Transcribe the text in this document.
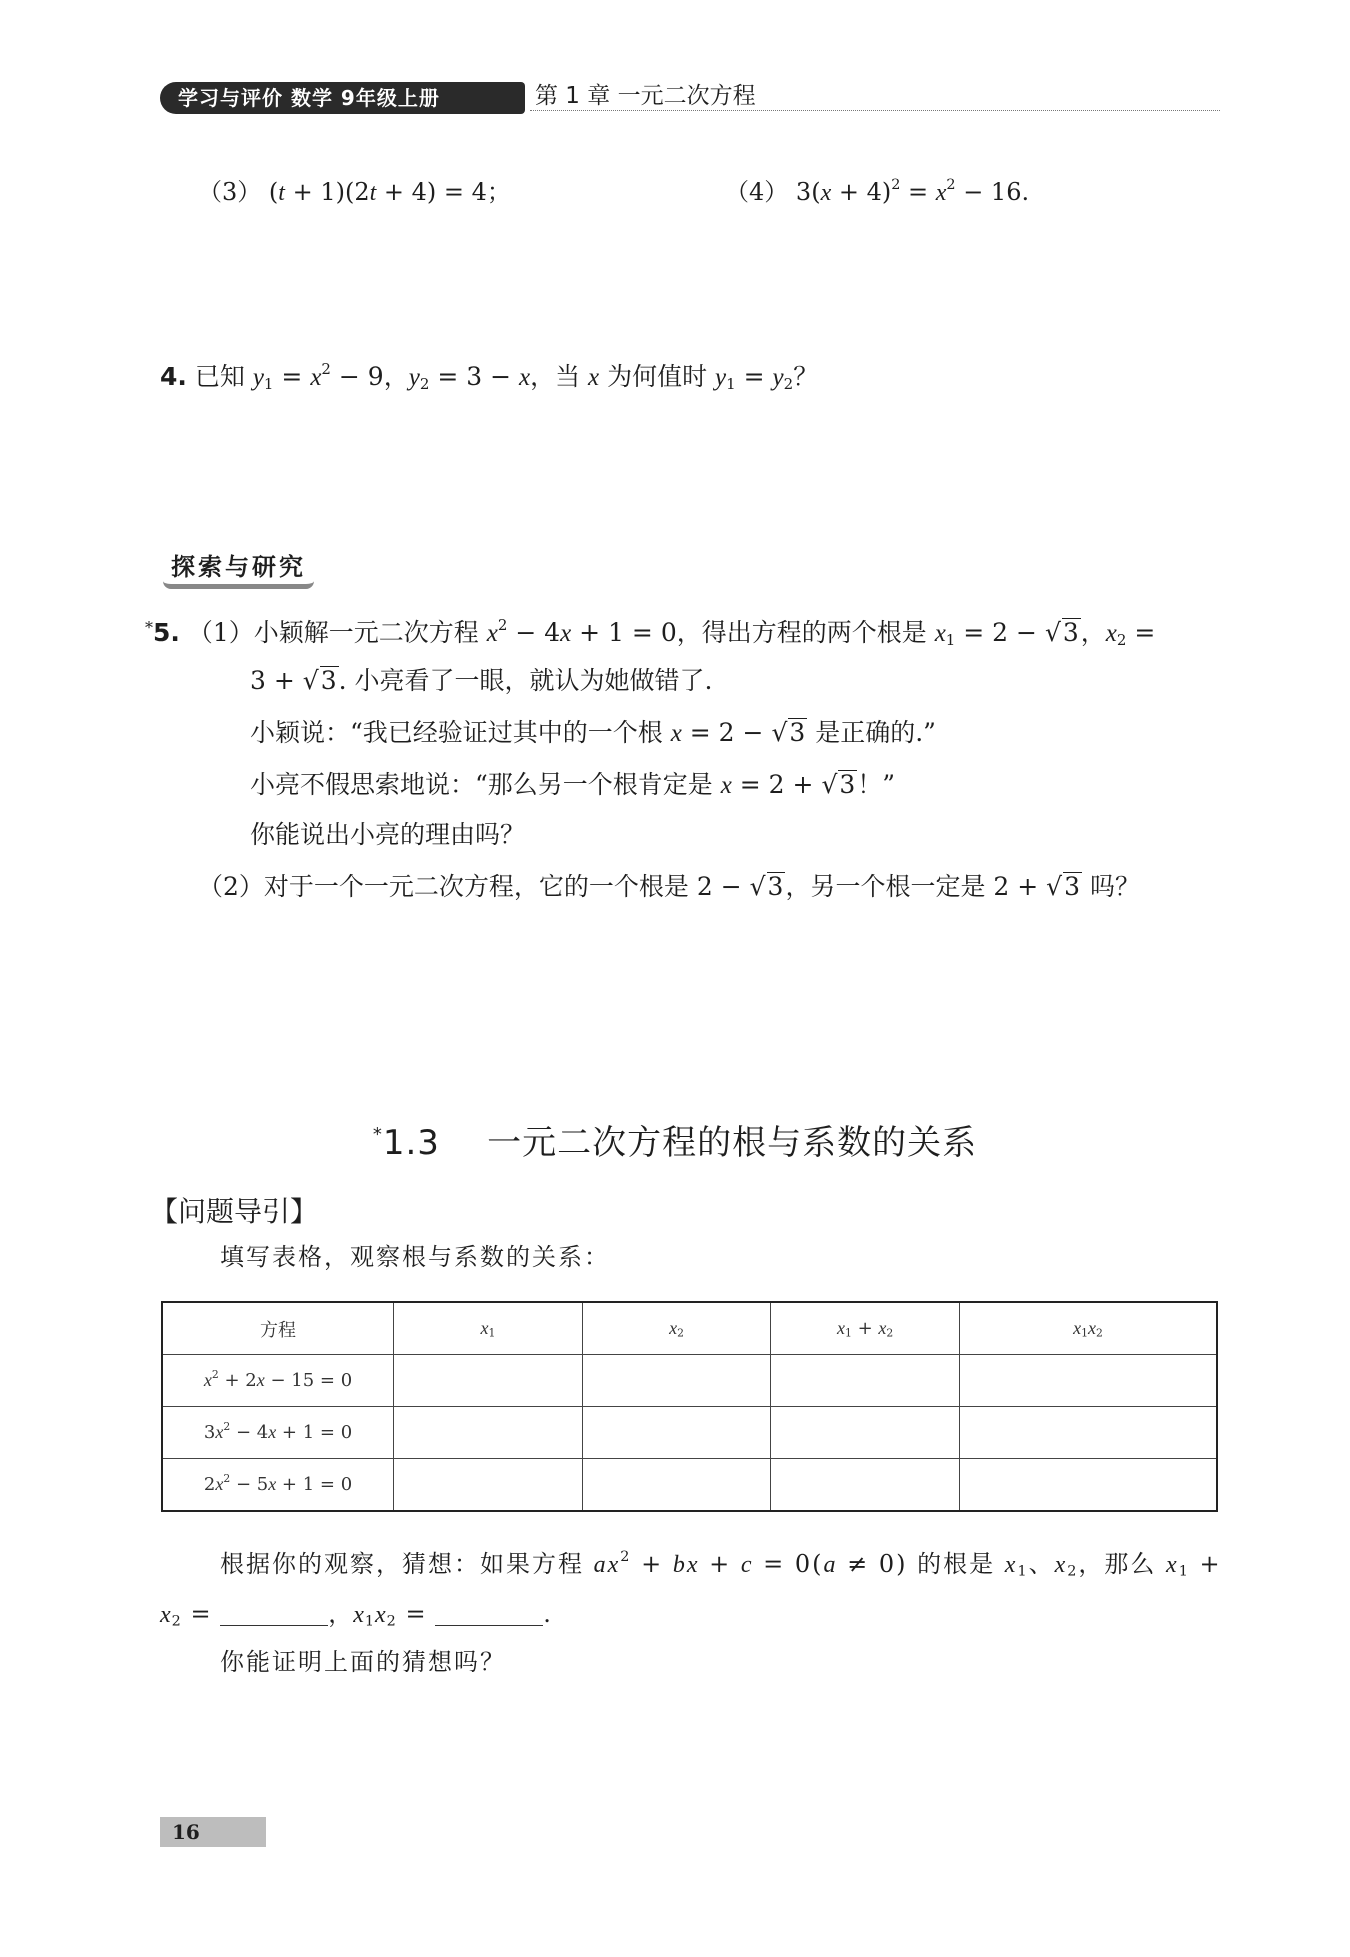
学习与评价 数学 9年级上册	第 1 章 一元二次方程
（3） (t + 1)(2t + 4) = 4；	（4） $3(x + 4)^2 = x^2 - 16$.
4. 已知 $y_1 = x^2 - 9$，$y_2 = 3 - x$，当 x 为何值时 $y_1 = y_2$？
探索与研究
*5. （1）小颖解一元二次方程 $x^2 - 4x + 1 = 0$，得出方程的两个根是 $x_1 = 2 - √3$，$x_2$ =
3 + √3. 小亮看了一眼，就认为她做错了.
小颖说：“我已经验证过其中的一个根 x = 2 − √3 是正确的.”
小亮不假思索地说：“那么另一个根肯定是 x = 2 + √3！”
你能说出小亮的理由吗？
（2）对于一个一元二次方程，它的一个根是 2 − √3，另一个根一定是 2 + √3 吗？
*1.3 一元二次方程的根与系数的关系
【问题导引】
填写表格，观察根与系数的关系：
方程	$x_1$	$x_2$	$x_1 + x_2$	$x_1x_2$
$x^2 + 2x - 15 = 0$				
$3x^2 - 4x + 1 = 0$				
$2x^2 - 5x + 1 = 0$				
根据你的观察，猜想：如果方程 $ax^2$ + bx + c = 0(a ≠ 0) 的根是 $x_1$、$x_2$，那么 $x_1$ +
$x_2$ =	，$x_1x_2$ =	.
你能证明上面的猜想吗？
16
